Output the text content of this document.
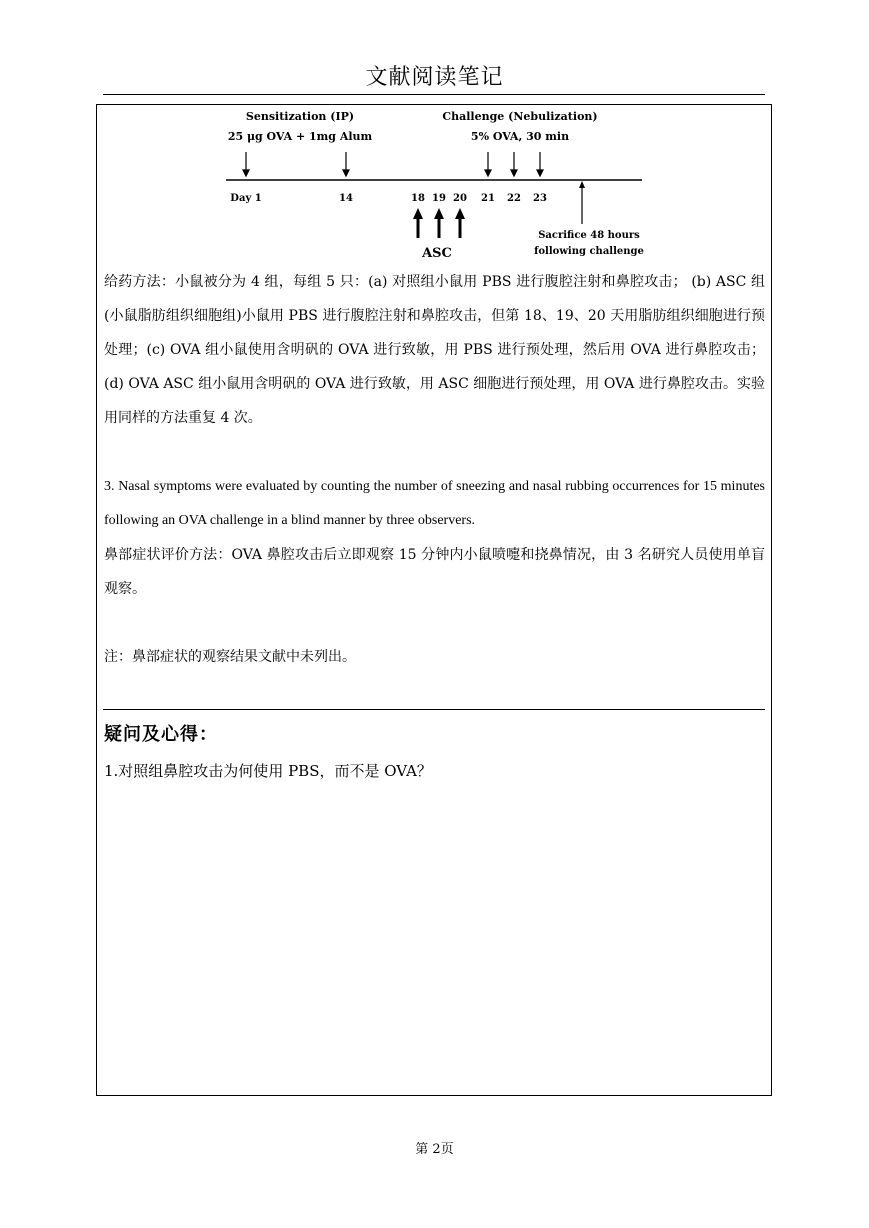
文献阅读笔记
Sensitization (IP)
25 μg OVA + 1mg Alum
Challenge (Nebulization)
5% OVA, 30 min
Day 1	14	18 19 20 21 22 23
ASC
Sacrifice 48 hours
following challenge

给药方法：小鼠被分为 4 组，每组 5 只：(a) 对照组小鼠用 PBS 进行腹腔注射和鼻腔攻击； (b) ASC 组(小鼠脂肪组织细胞组)小鼠用 PBS 进行腹腔注射和鼻腔攻击，但第 18、19、20 天用脂肪组织细胞进行预处理；(c) OVA 组小鼠使用含明矾的 OVA 进行致敏，用 PBS 进行预处理，然后用 OVA 进行鼻腔攻击； (d) OVA ASC 组小鼠用含明矾的 OVA 进行致敏，用 ASC 细胞进行预处理，用 OVA 进行鼻腔攻击。实验用同样的方法重复 4 次。

3. Nasal symptoms were evaluated by counting the number of sneezing and nasal rubbing occurrences for 15 minutes following an OVA challenge in a blind manner by three observers.

鼻部症状评价方法：OVA 鼻腔攻击后立即观察 15 分钟内小鼠喷嚏和挠鼻情况，由 3 名研究人员使用单盲观察。

注：鼻部症状的观察结果文献中未列出。

疑问及心得：
1.对照组鼻腔攻击为何使用 PBS，而不是 OVA？
第 2页
